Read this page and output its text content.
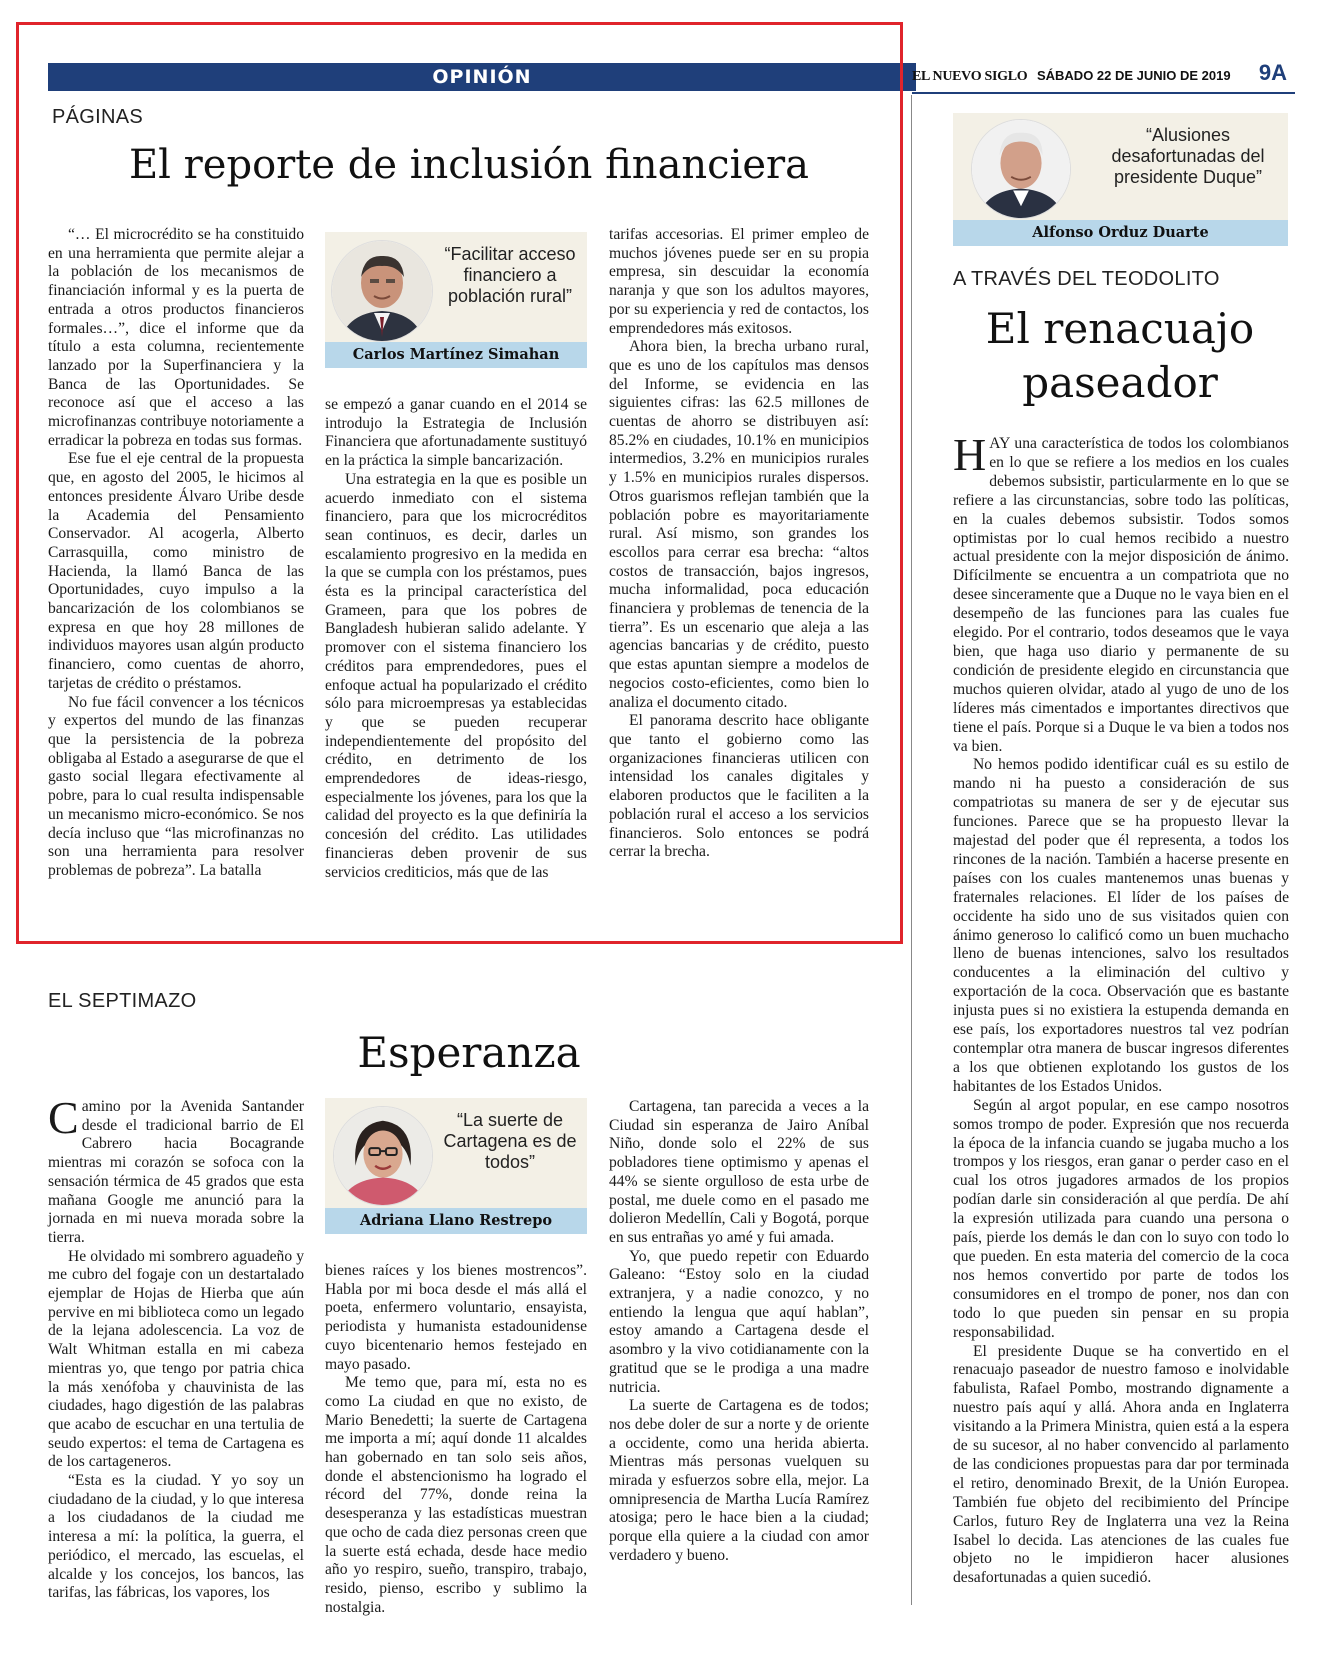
OPINIÓN	EL NUEVO SIGLO SÁBADO 22 DE JUNIO DE 2019 9A
PÁGINAS
El reporte de inclusión financiera

“… El microcrédito se ha constituido en una herramienta que permite alejar a la población de los mecanismos de financiación informal y es la puerta de entrada a otros productos financieros formales…”, dice el informe que da título a esta columna, recientemente lanzado por la Superfinanciera y la Banca de las Oportunidades. Se reconoce así que el acceso a las microfinanzas contribuye notoriamente a erradicar la pobreza en todas sus formas.

Ese fue el eje central de la propuesta que, en agosto del 2005, le hicimos al entonces presidente Álvaro Uribe desde la Academia del Pensamiento Conservador. Al acogerla, Alberto Carrasquilla, como ministro de Hacienda, la llamó Banca de las Oportunidades, cuyo impulso a la bancarización de los colombianos se expresa en que hoy 28 millones de individuos mayores usan algún producto financiero, como cuentas de ahorro, tarjetas de crédito o préstamos.

No fue fácil convencer a los técnicos y expertos del mundo de las finanzas que la persistencia de la pobreza obligaba al Estado a asegurarse de que el gasto social llegara efectivamente al pobre, para lo cual resulta indispensable un mecanismo micro-económico. Se nos decía incluso que “las microfinanzas no son una herramienta para resolver problemas de pobreza”. La batalla

“Facilitar acceso financiero a población rural”
Carlos Martínez Simahan

se empezó a ganar cuando en el 2014 se introdujo la Estrategia de Inclusión Financiera que afortunadamente sustituyó en la práctica la simple bancarización.

Una estrategia en la que es posible un acuerdo inmediato con el sistema financiero, para que los microcréditos sean continuos, es decir, darles un escalamiento progresivo en la medida en la que se cumpla con los préstamos, pues ésta es la principal característica del Grameen, para que los pobres de Bangladesh hubieran salido adelante. Y promover con el sistema financiero los créditos para emprendedores, pues el enfoque actual ha popularizado el crédito sólo para microempresas ya establecidas y que se pueden recuperar independientemente del propósito del crédito, en detrimento de los emprendedores de ideas-riesgo, especialmente los jóvenes, para los que la calidad del proyecto es la que definiría la concesión del crédito. Las utilidades financieras deben provenir de sus servicios crediticios, más que de las

tarifas accesorias. El primer empleo de muchos jóvenes puede ser en su propia empresa, sin descuidar la economía naranja y que son los adultos mayores, por su experiencia y red de contactos, los emprendedores más exitosos.

Ahora bien, la brecha urbano rural, que es uno de los capítulos mas densos del Informe, se evidencia en las siguientes cifras: las 62.5 millones de cuentas de ahorro se distribuyen así: 85.2% en ciudades, 10.1% en municipios intermedios, 3.2% en municipios rurales y 1.5% en municipios rurales dispersos. Otros guarismos reflejan también que la población pobre es mayoritariamente rural. Así mismo, son grandes los escollos para cerrar esa brecha: “altos costos de transacción, bajos ingresos, mucha informalidad, poca educación financiera y problemas de tenencia de la tierra”. Es un escenario que aleja a las agencias bancarias y de crédito, puesto que estas apuntan siempre a modelos de negocios costo-eficientes, como bien lo analiza el documento citado.

El panorama descrito hace obligante que tanto el gobierno como las organizaciones financieras utilicen con intensidad los canales digitales y elaboren productos que le faciliten a la población rural el acceso a los servicios financieros. Solo entonces se podrá cerrar la brecha.

EL SEPTIMAZO
Esperanza

Camino por la Avenida Santander desde el tradicional barrio de El Cabrero hacia Bocagrande mientras mi corazón se sofoca con la sensación térmica de 45 grados que esta mañana Google me anunció para la jornada en mi nueva morada sobre la tierra.

He olvidado mi sombrero aguadeño y me cubro del fogaje con un destartalado ejemplar de Hojas de Hierba que aún pervive en mi biblioteca como un legado de la lejana adolescencia. La voz de Walt Whitman estalla en mi cabeza mientras yo, que tengo por patria chica la más xenófoba y chauvinista de las ciudades, hago digestión de las palabras que acabo de escuchar en una tertulia de seudo expertos: el tema de Cartagena es de los cartageneros.

“Esta es la ciudad. Y yo soy un ciudadano de la ciudad, y lo que interesa a los ciudadanos de la ciudad me interesa a mí: la política, la guerra, el periódico, el mercado, las escuelas, el alcalde y los concejos, los bancos, las tarifas, las fábricas, los vapores, los

“La suerte de Cartagena es de todos”
Adriana Llano Restrepo

bienes raíces y los bienes mostrencos”. Habla por mi boca desde el más allá el poeta, enfermero voluntario, ensayista, periodista y humanista estadounidense cuyo bicentenario hemos festejado en mayo pasado.

Me temo que, para mí, esta no es como La ciudad en que no existo, de Mario Benedetti; la suerte de Cartagena me importa a mí; aquí donde 11 alcaldes han gobernado en tan solo seis años, donde el abstencionismo ha logrado el récord del 77%, donde reina la desesperanza y las estadísticas muestran que ocho de cada diez personas creen que la suerte está echada, desde hace medio año yo respiro, sueño, transpiro, trabajo, resido, pienso, escribo y sublimo la nostalgia.

Cartagena, tan parecida a veces a la Ciudad sin esperanza de Jairo Aníbal Niño, donde solo el 22% de sus pobladores tiene optimismo y apenas el 44% se siente orgulloso de esta urbe de postal, me duele como en el pasado me dolieron Medellín, Cali y Bogotá, porque en sus entrañas yo amé y fui amada.

Yo, que puedo repetir con Eduardo Galeano: “Estoy solo en la ciudad extranjera, y a nadie conozco, y no entiendo la lengua que aquí hablan”, estoy amando a Cartagena desde el asombro y la vivo cotidianamente con la gratitud que se le prodiga a una madre nutricia.

La suerte de Cartagena es de todos; nos debe doler de sur a norte y de oriente a occidente, como una herida abierta. Mientras más personas vuelquen su mirada y esfuerzos sobre ella, mejor. La omnipresencia de Martha Lucía Ramírez atosiga; pero le hace bien a la ciudad; porque ella quiere a la ciudad con amor verdadero y bueno.

“Alusiones desafortunadas del presidente Duque”
Alfonso Orduz Duarte
A TRAVÉS DEL TEODOLITO
El renacuajo
paseador

HAY una característica de todos los colombianos en lo que se refiere a los medios en los cuales debemos subsistir, particularmente en lo que se refiere a las circunstancias, sobre todo las políticas, en la cuales debemos subsistir. Todos somos optimistas por lo cual hemos recibido a nuestro actual presidente con la mejor disposición de ánimo. Difícilmente se encuentra a un compatriota que no desee sinceramente que a Duque no le vaya bien en el desempeño de las funciones para las cuales fue elegido. Por el contrario, todos deseamos que le vaya bien, que haga uso diario y permanente de su condición de presidente elegido en circunstancia que muchos quieren olvidar, atado al yugo de uno de los líderes más cimentados e importantes directivos que tiene el país. Porque si a Duque le va bien a todos nos va bien.

No hemos podido identificar cuál es su estilo de mando ni ha puesto a consideración de sus compatriotas su manera de ser y de ejecutar sus funciones. Parece que se ha propuesto llevar la majestad del poder que él representa, a todos los rincones de la nación. También a hacerse presente en países con los cuales mantenemos unas buenas y fraternales relaciones. El líder de los países de occidente ha sido uno de sus visitados quien con ánimo generoso lo calificó como un buen muchacho lleno de buenas intenciones, salvo los resultados conducentes a la eliminación del cultivo y exportación de la coca. Observación que es bastante injusta pues si no existiera la estupenda demanda en ese país, los exportadores nuestros tal vez podrían contemplar otra manera de buscar ingresos diferentes a los que obtienen explotando los gustos de los habitantes de los Estados Unidos.

Según al argot popular, en ese campo nosotros somos trompo de poder. Expresión que nos recuerda la época de la infancia cuando se jugaba mucho a los trompos y los riesgos, eran ganar o perder caso en el cual los otros jugadores armados de los propios podían darle sin consideración al que perdía. De ahí la expresión utilizada para cuando una persona o país, pierde los demás le dan con lo suyo con todo lo que pueden. En esta materia del comercio de la coca nos hemos convertido por parte de todos los consumidores en el trompo de poner, nos dan con todo lo que pueden sin pensar en su propia responsabilidad.

El presidente Duque se ha convertido en el renacuajo paseador de nuestro famoso e inolvidable fabulista, Rafael Pombo, mostrando dignamente a nuestro país aquí y allá. Ahora anda en Inglaterra visitando a la Primera Ministra, quien está a la espera de su sucesor, al no haber convencido al parlamento de las condiciones propuestas para dar por terminada el retiro, denominado Brexit, de la Unión Europea. También fue objeto del recibimiento del Príncipe Carlos, futuro Rey de Inglaterra una vez la Reina Isabel lo decida. Las atenciones de las cuales fue objeto no le impidieron hacer alusiones desafortunadas a quien sucedió.
